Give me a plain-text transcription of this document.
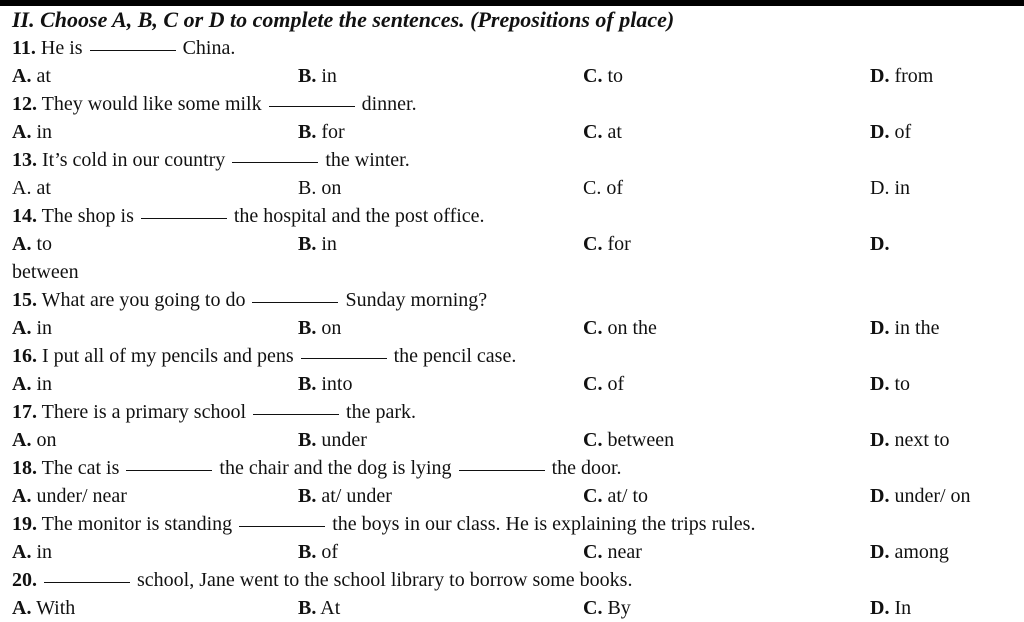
II. Choose A, B, C or D to complete the sentences. (Prepositions of place)
11. He is	China.
A. at	B. in	C. to	D. from
12. They would like some milk	dinner.
A. in	B. for	C. at	D. of
13. It’s cold in our country	the winter.
A. at	B. on	C. of	D. in
14. The shop is	the hospital and the post office.
A. to	B. in	C. for	D.
between
15. What are you going to do	Sunday morning?
A. in	B. on	C. on the	D. in the
16. I put all of my pencils and pens	the pencil case.
A. in	B. into	C. of	D. to
17. There is a primary school	the park.
A. on	B. under	C. between	D. next to
18. The cat is	the chair and the dog is lying	the door.
A. under/ near	B. at/ under	C. at/ to	D. under/ on
19. The monitor is standing	the boys in our class. He is explaining the trips rules.
A. in	B. of	C. near	D. among
20.	school, Jane went to the school library to borrow some books.
A. With	B. At	C. By	D. In
